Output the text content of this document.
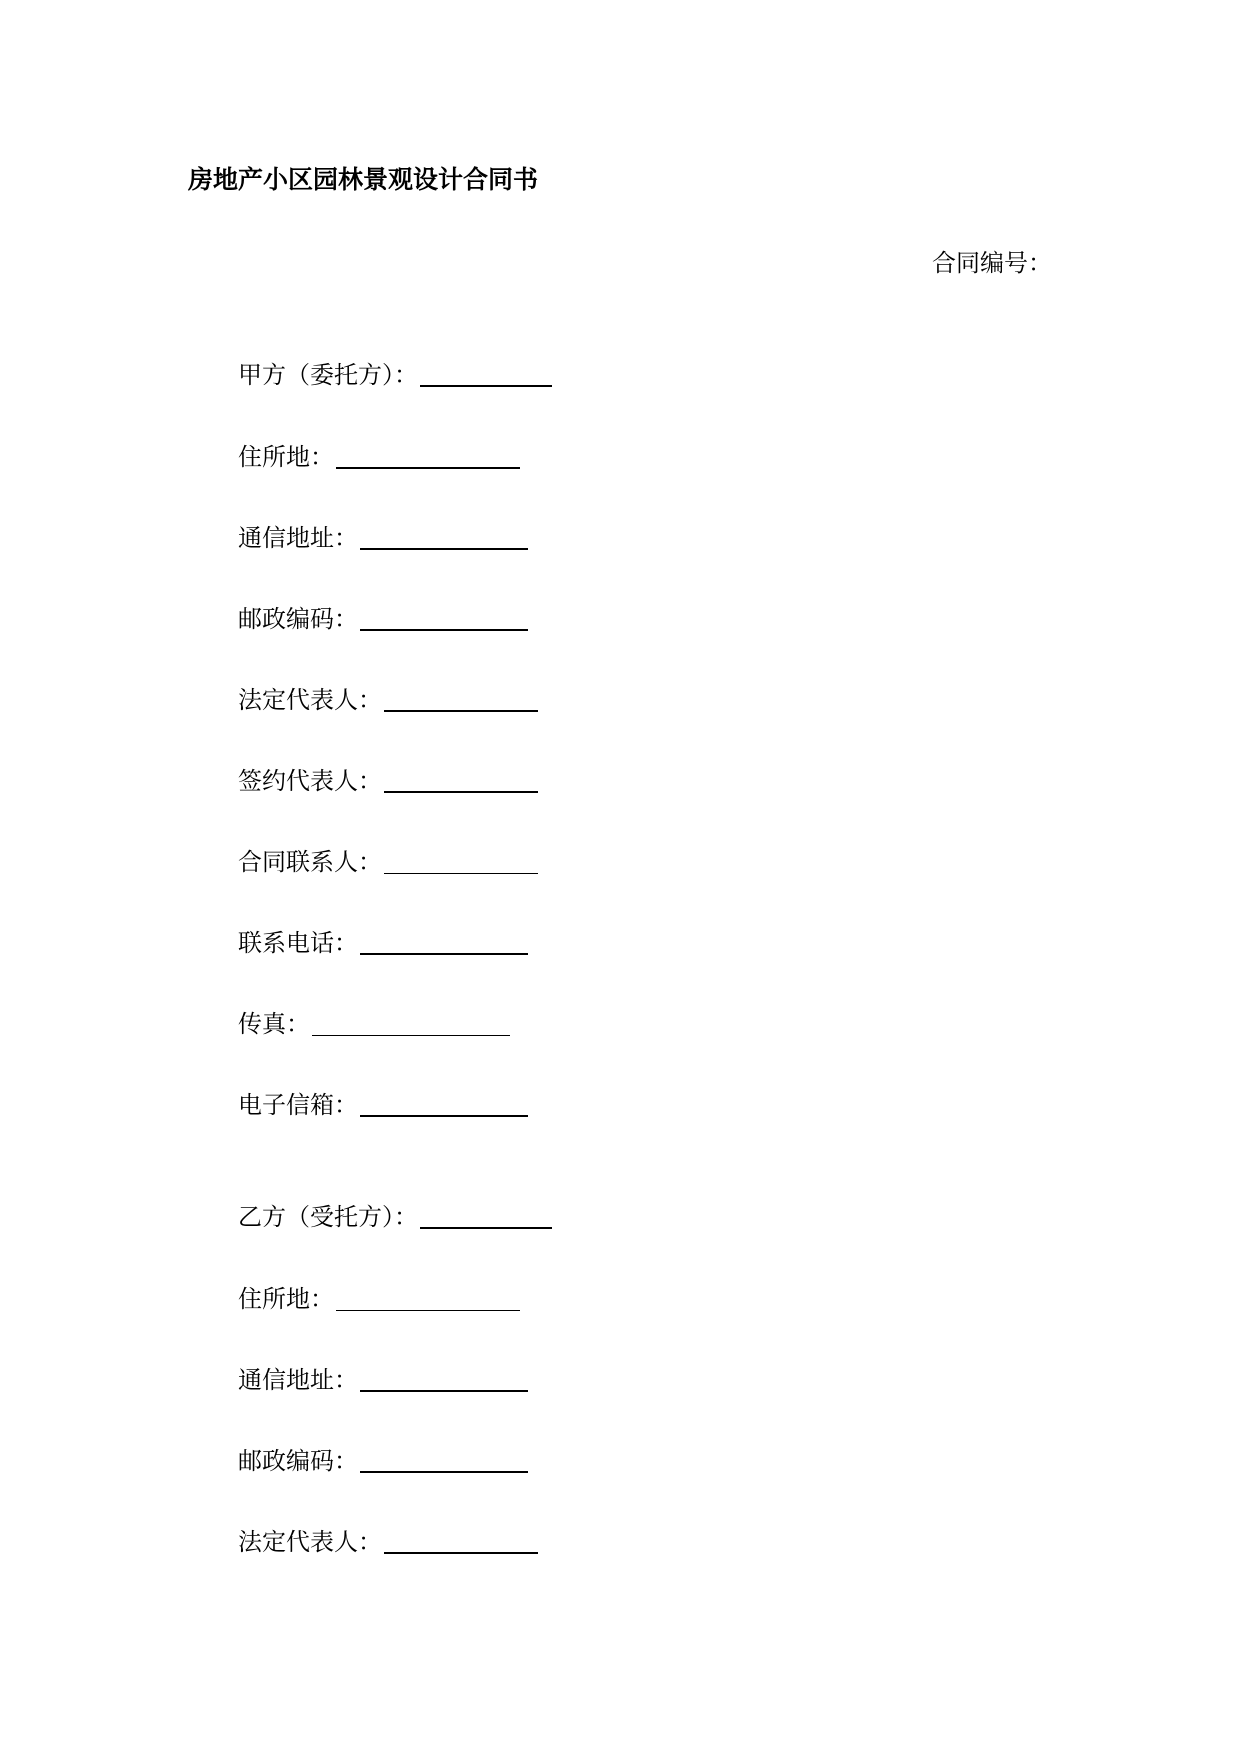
房地产小区园林景观设计合同书
合同编号：
甲方（委托方）：
住所地：
通信地址：
邮政编码：
法定代表人：
签约代表人：
合同联系人：
联系电话：
传真：
电子信箱：
乙方（受托方）：
住所地：
通信地址：
邮政编码：
法定代表人：
